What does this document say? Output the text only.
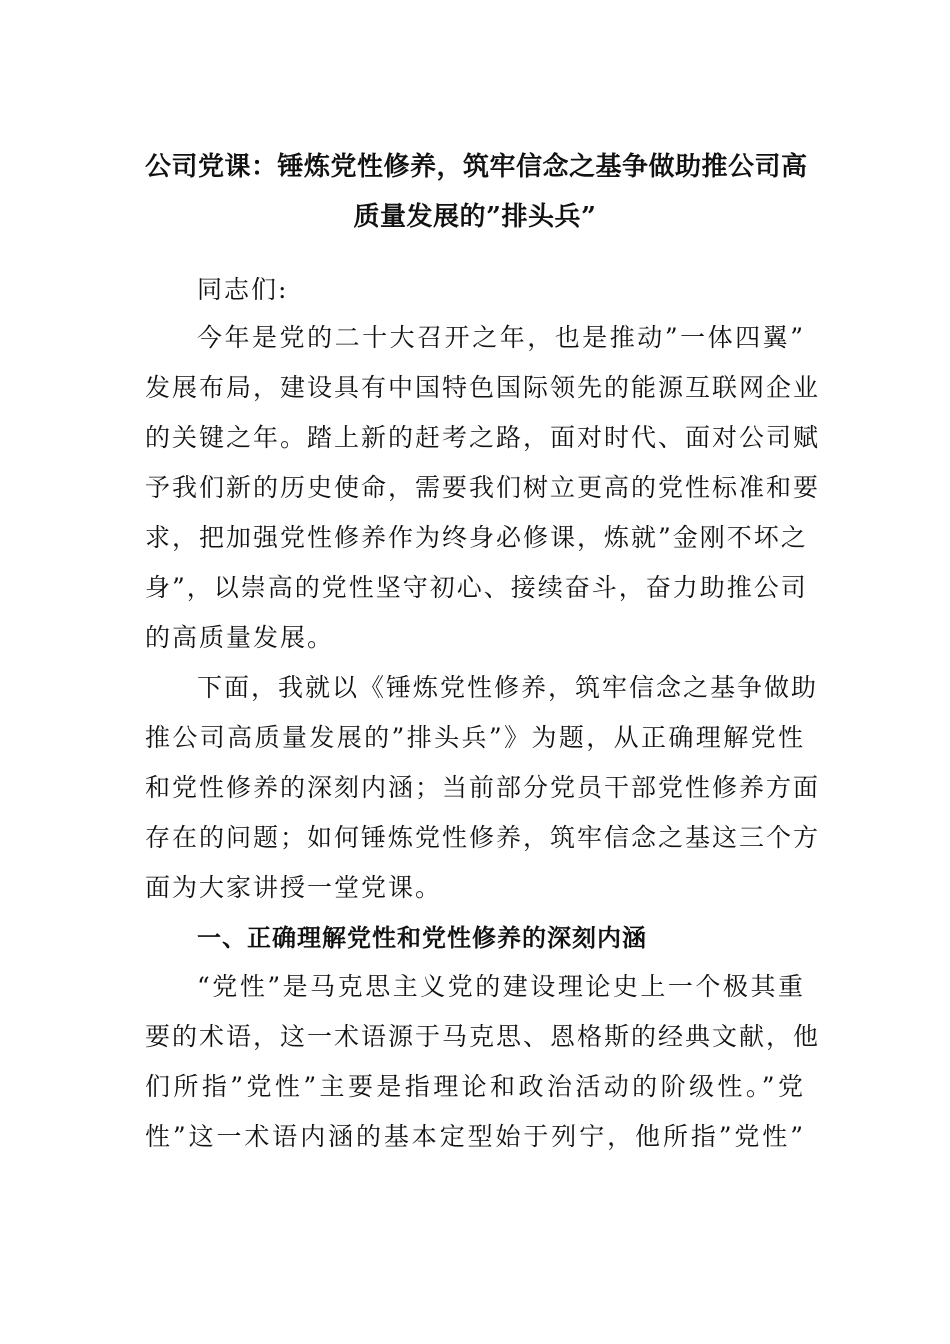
公司党课：锤炼党性修养，筑牢信念之基争做助推公司高
质量发展的”排头兵”
同志们:
今年是党的二十大召开之年，也是推动”一体四翼”
发展布局，建设具有中国特色国际领先的能源互联网企业
的关键之年。踏上新的赶考之路，面对时代、面对公司赋
予我们新的历史使命，需要我们树立更高的党性标准和要
求，把加强党性修养作为终身必修课，炼就”金刚不坏之
身”，以崇高的党性坚守初心、接续奋斗，奋力助推公司
的高质量发展。
下面，我就以《锤炼党性修养，筑牢信念之基争做助
推公司高质量发展的”排头兵”》为题，从正确理解党性
和党性修养的深刻内涵；当前部分党员干部党性修养方面
存在的问题；如何锤炼党性修养，筑牢信念之基这三个方
面为大家讲授一堂党课。
一、正确理解党性和党性修养的深刻内涵
“党性”是马克思主义党的建设理论史上一个极其重
要的术语，这一术语源于马克思、恩格斯的经典文献，他
们所指”党性”主要是指理论和政治活动的阶级性。”党
性”这一术语内涵的基本定型始于列宁，他所指”党性”
